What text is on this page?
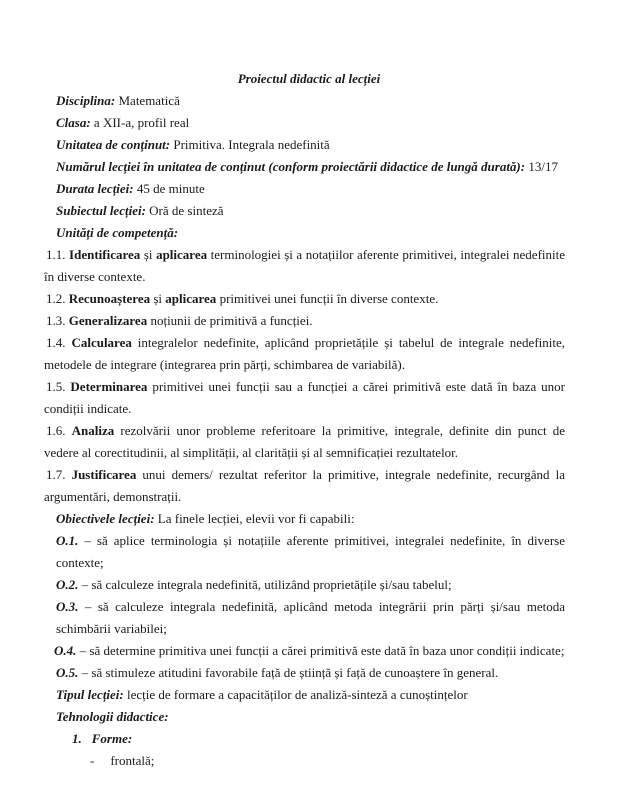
Proiectul didactic al lecției

Disciplina: Matematică

Clasa: a XII-a, profil real

Unitatea de conținut: Primitiva. Integrala nedefinită

Numărul lecției în unitatea de conținut (conform proiectării didactice de lungă durată): 13/17

Durata lecției: 45 de minute

Subiectul lecției: Oră de sinteză

Unități de competență:

1.1. Identificarea și aplicarea terminologiei și a notațiilor aferente primitivei, integralei nedefinite în diverse contexte.

1.2. Recunoașterea și aplicarea primitivei unei funcții în diverse contexte.

1.3. Generalizarea noțiunii de primitivă a funcției.

1.4. Calcularea integralelor nedefinite, aplicând proprietățile și tabelul de integrale nedefinite, metodele de integrare (integrarea prin părți, schimbarea de variabilă).

1.5. Determinarea primitivei unei funcții sau a funcției a cărei primitivă este dată în baza unor condiții indicate.

1.6. Analiza rezolvării unor probleme referitoare la primitive, integrale, definite din punct de vedere al corectitudinii, al simplității, al clarității și al semnificației rezultatelor.

1.7. Justificarea unui demers/ rezultat referitor la primitive, integrale nedefinite, recurgând la argumentări, demonstrații.

Obiectivele lecției: La finele lecției, elevii vor fi capabili:

O.1. – să aplice terminologia și notațiile aferente primitivei, integralei nedefinite, în diverse contexte;

O.2. – să calculeze integrala nedefinită, utilizând proprietățile și/sau tabelul;

O.3. – să calculeze integrala nedefinită, aplicând metoda integrării prin părți și/sau metoda schimbării variabilei;

O.4. – să determine primitiva unei funcții a cărei primitivă este dată în baza unor condiții indicate;

O.5. – să stimuleze atitudini favorabile față de știință și față de cunoaștere în general.

Tipul lecției: lecție de formare a capacităților de analiză-sinteză a cunoștințelor

Tehnologii didactice:

1. Forme:
- frontală;
